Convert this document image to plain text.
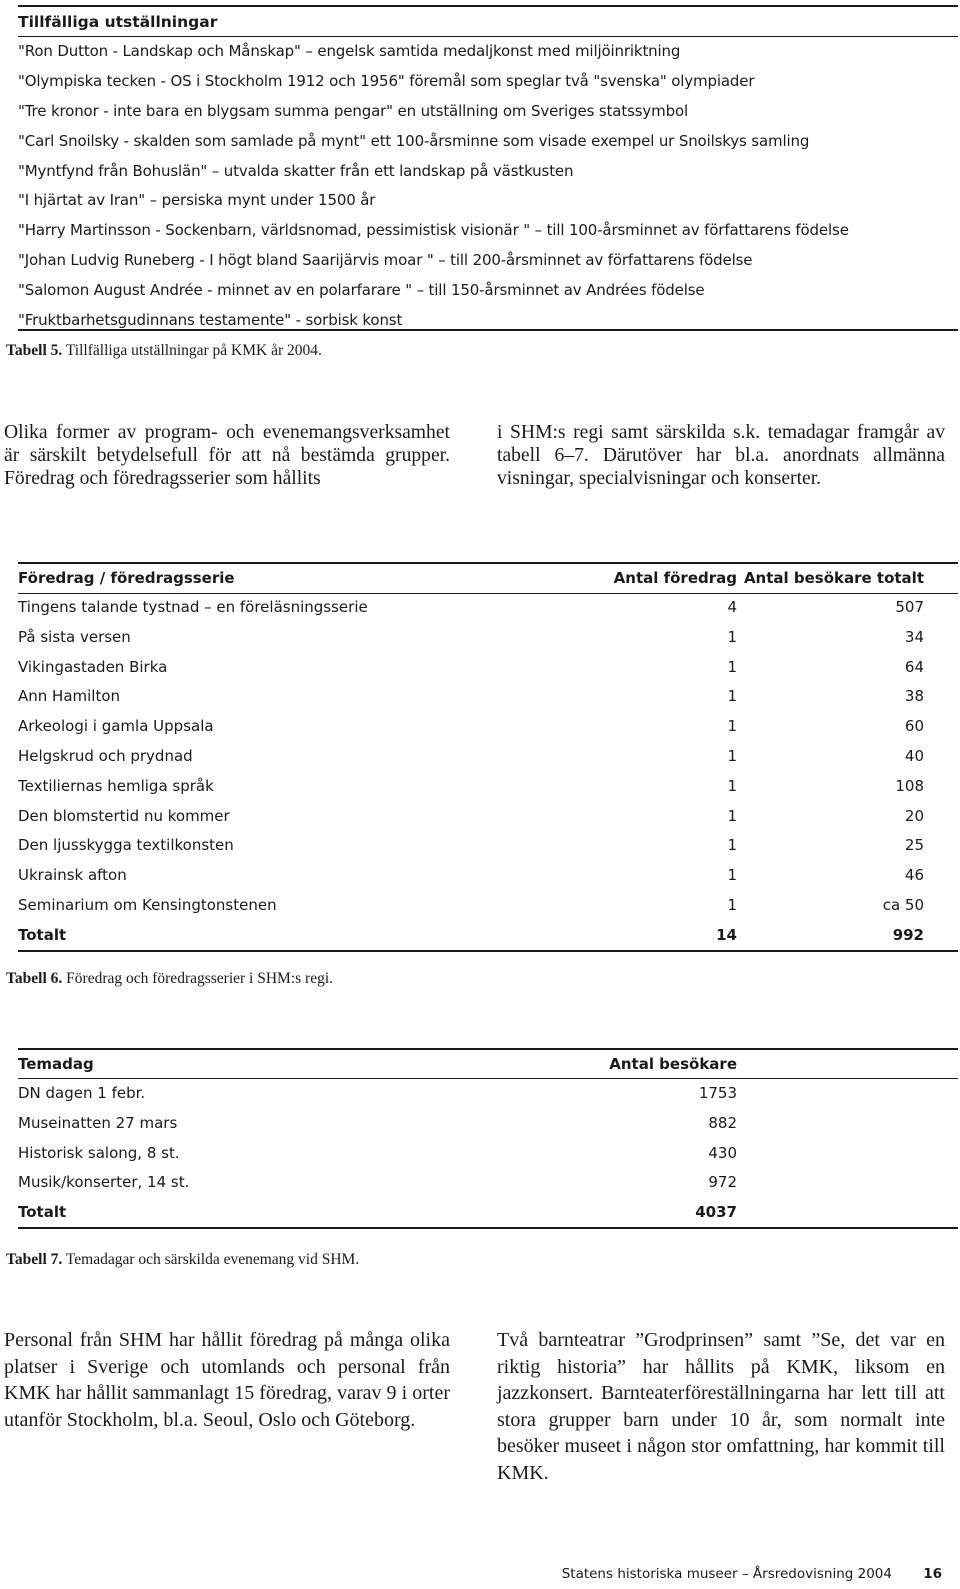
Tillfälliga utställningar
"Ron Dutton - Landskap och Månskap" – engelsk samtida medaljkonst med miljöinriktning
"Olympiska tecken - OS i Stockholm 1912 och 1956" föremål som speglar två "svenska" olympiader
"Tre kronor - inte bara en blygsam summa pengar" en utställning om Sveriges statssymbol
"Carl Snoilsky - skalden som samlade på mynt" ett 100-årsminne som visade exempel ur Snoilskys samling
"Myntfynd från Bohuslän" – utvalda skatter från ett landskap på västkusten
"I hjärtat av Iran" – persiska mynt under 1500 år
"Harry Martinsson - Sockenbarn, världsnomad, pessimistisk visionär " – till 100-årsminnet av författarens födelse
"Johan Ludvig Runeberg - I högt bland Saarijärvis moar " – till 200-årsminnet av författarens födelse
"Salomon August Andrée - minnet av en polarfarare " – till 150-årsminnet av Andrées födelse
"Fruktbarhetsgudinnans testamente" - sorbisk konst
Tabell 5. Tillfälliga utställningar på KMK år 2004.
Olika former av program- och evenemangsverksamhet är särskilt betydelsefull för att nå bestämda grupper. Föredrag och föredragsserier som hållits
i SHM:s regi samt särskilda s.k. temadagar framgår av tabell 6–7. Därutöver har bl.a. anordnats allmänna visningar, specialvisningar och konserter.
Föredrag / föredragsserie	Antal föredrag Antal besökare totalt
Tingens talande tystnad – en föreläsningsserie	4	507
På sista versen	1	34
Vikingastaden Birka	1	64
Ann Hamilton	1	38
Arkeologi i gamla Uppsala	1	60
Helgskrud och prydnad	1	40
Textiliernas hemliga språk	1	108
Den blomstertid nu kommer	1	20
Den ljusskygga textilkonsten	1	25
Ukrainsk afton	1	46
Seminarium om Kensingtonstenen	1	ca 50
Totalt	14	992
Tabell 6. Föredrag och föredragsserier i SHM:s regi.
Temadag	Antal besökare
DN dagen 1 febr.	1753
Museinatten 27 mars	882
Historisk salong, 8 st.	430
Musik/konserter, 14 st.	972
Totalt	4037
Tabell 7. Temadagar och särskilda evenemang vid SHM.
Personal från SHM har hållit föredrag på många olika platser i Sverige och utomlands och personal från KMK har hållit sammanlagt 15 föredrag, varav 9 i orter utanför Stockholm, bl.a. Seoul, Oslo och Göteborg.
Två barnteatrar ”Grodprinsen” samt ”Se, det var en riktig historia” har hållits på KMK, liksom en jazzkonsert. Barnteaterföreställningarna har lett till att stora grupper barn under 10 år, som normalt inte besöker museet i någon stor omfattning, har kommit till KMK.
Statens historiska museer – Årsredovisning 2004 16
